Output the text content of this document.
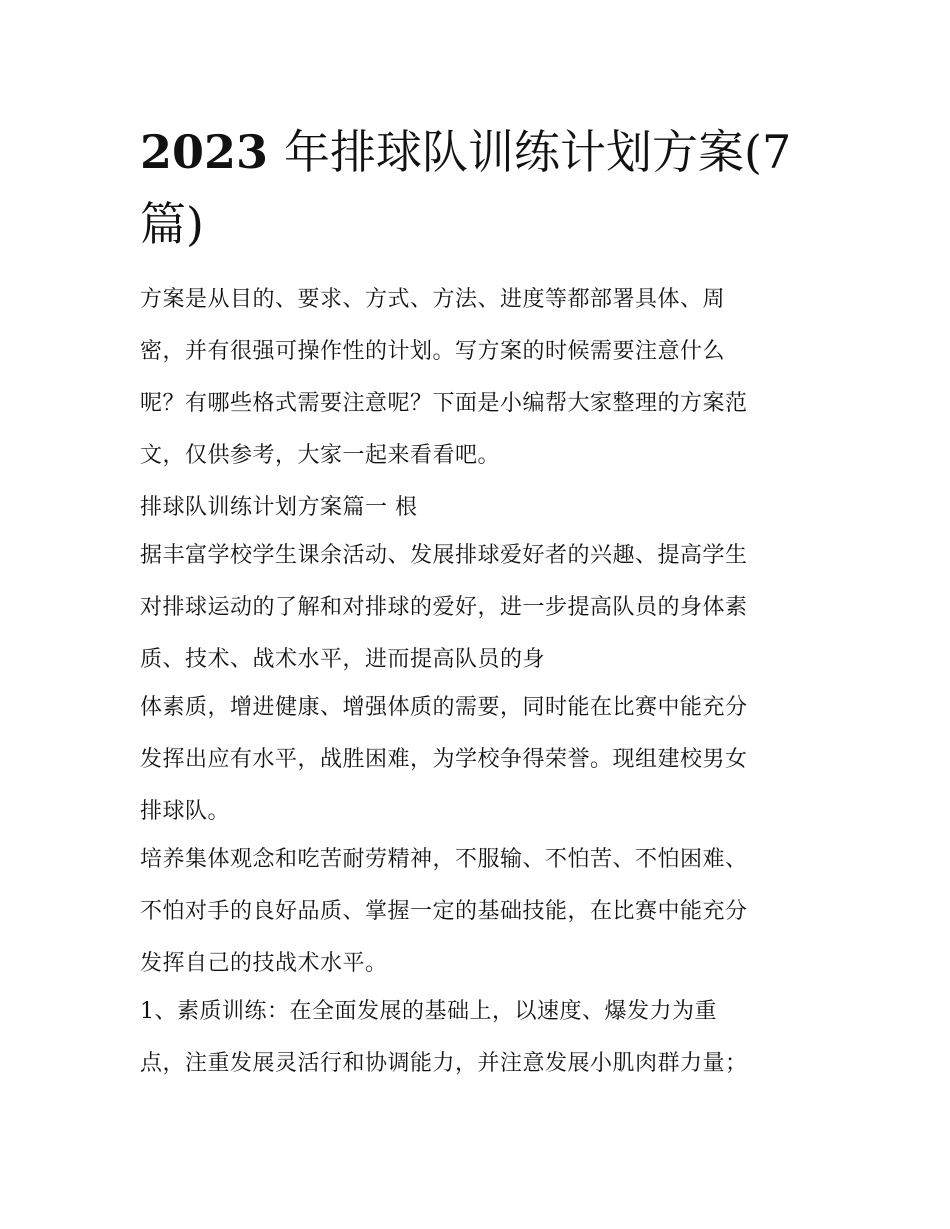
2023 年排球队训练计划方案(7篇)

方案是从目的、要求、方式、方法、进度等都部署具体、周
密，并有很强可操作性的计划。写方案的时候需要注意什么
呢？有哪些格式需要注意呢？下面是小编帮大家整理的方案范
文，仅供参考，大家一起来看看吧。

排球队训练计划方案篇一 根

据丰富学校学生课余活动、发展排球爱好者的兴趣、提高学生
对排球运动的了解和对排球的爱好，进一步提高队员的身体素
质、技术、战术水平，进而提高队员的身

体素质，增进健康、增强体质的需要，同时能在比赛中能充分
发挥出应有水平，战胜困难，为学校争得荣誉。现组建校男女
排球队。

培养集体观念和吃苦耐劳精神，不服输、不怕苦、不怕困难、
不怕对手的良好品质、掌握一定的基础技能，在比赛中能充分
发挥自己的技战术水平。

1、素质训练：在全面发展的基础上，以速度、爆发力为重
点，注重发展灵活行和协调能力，并注意发展小肌肉群力量；
